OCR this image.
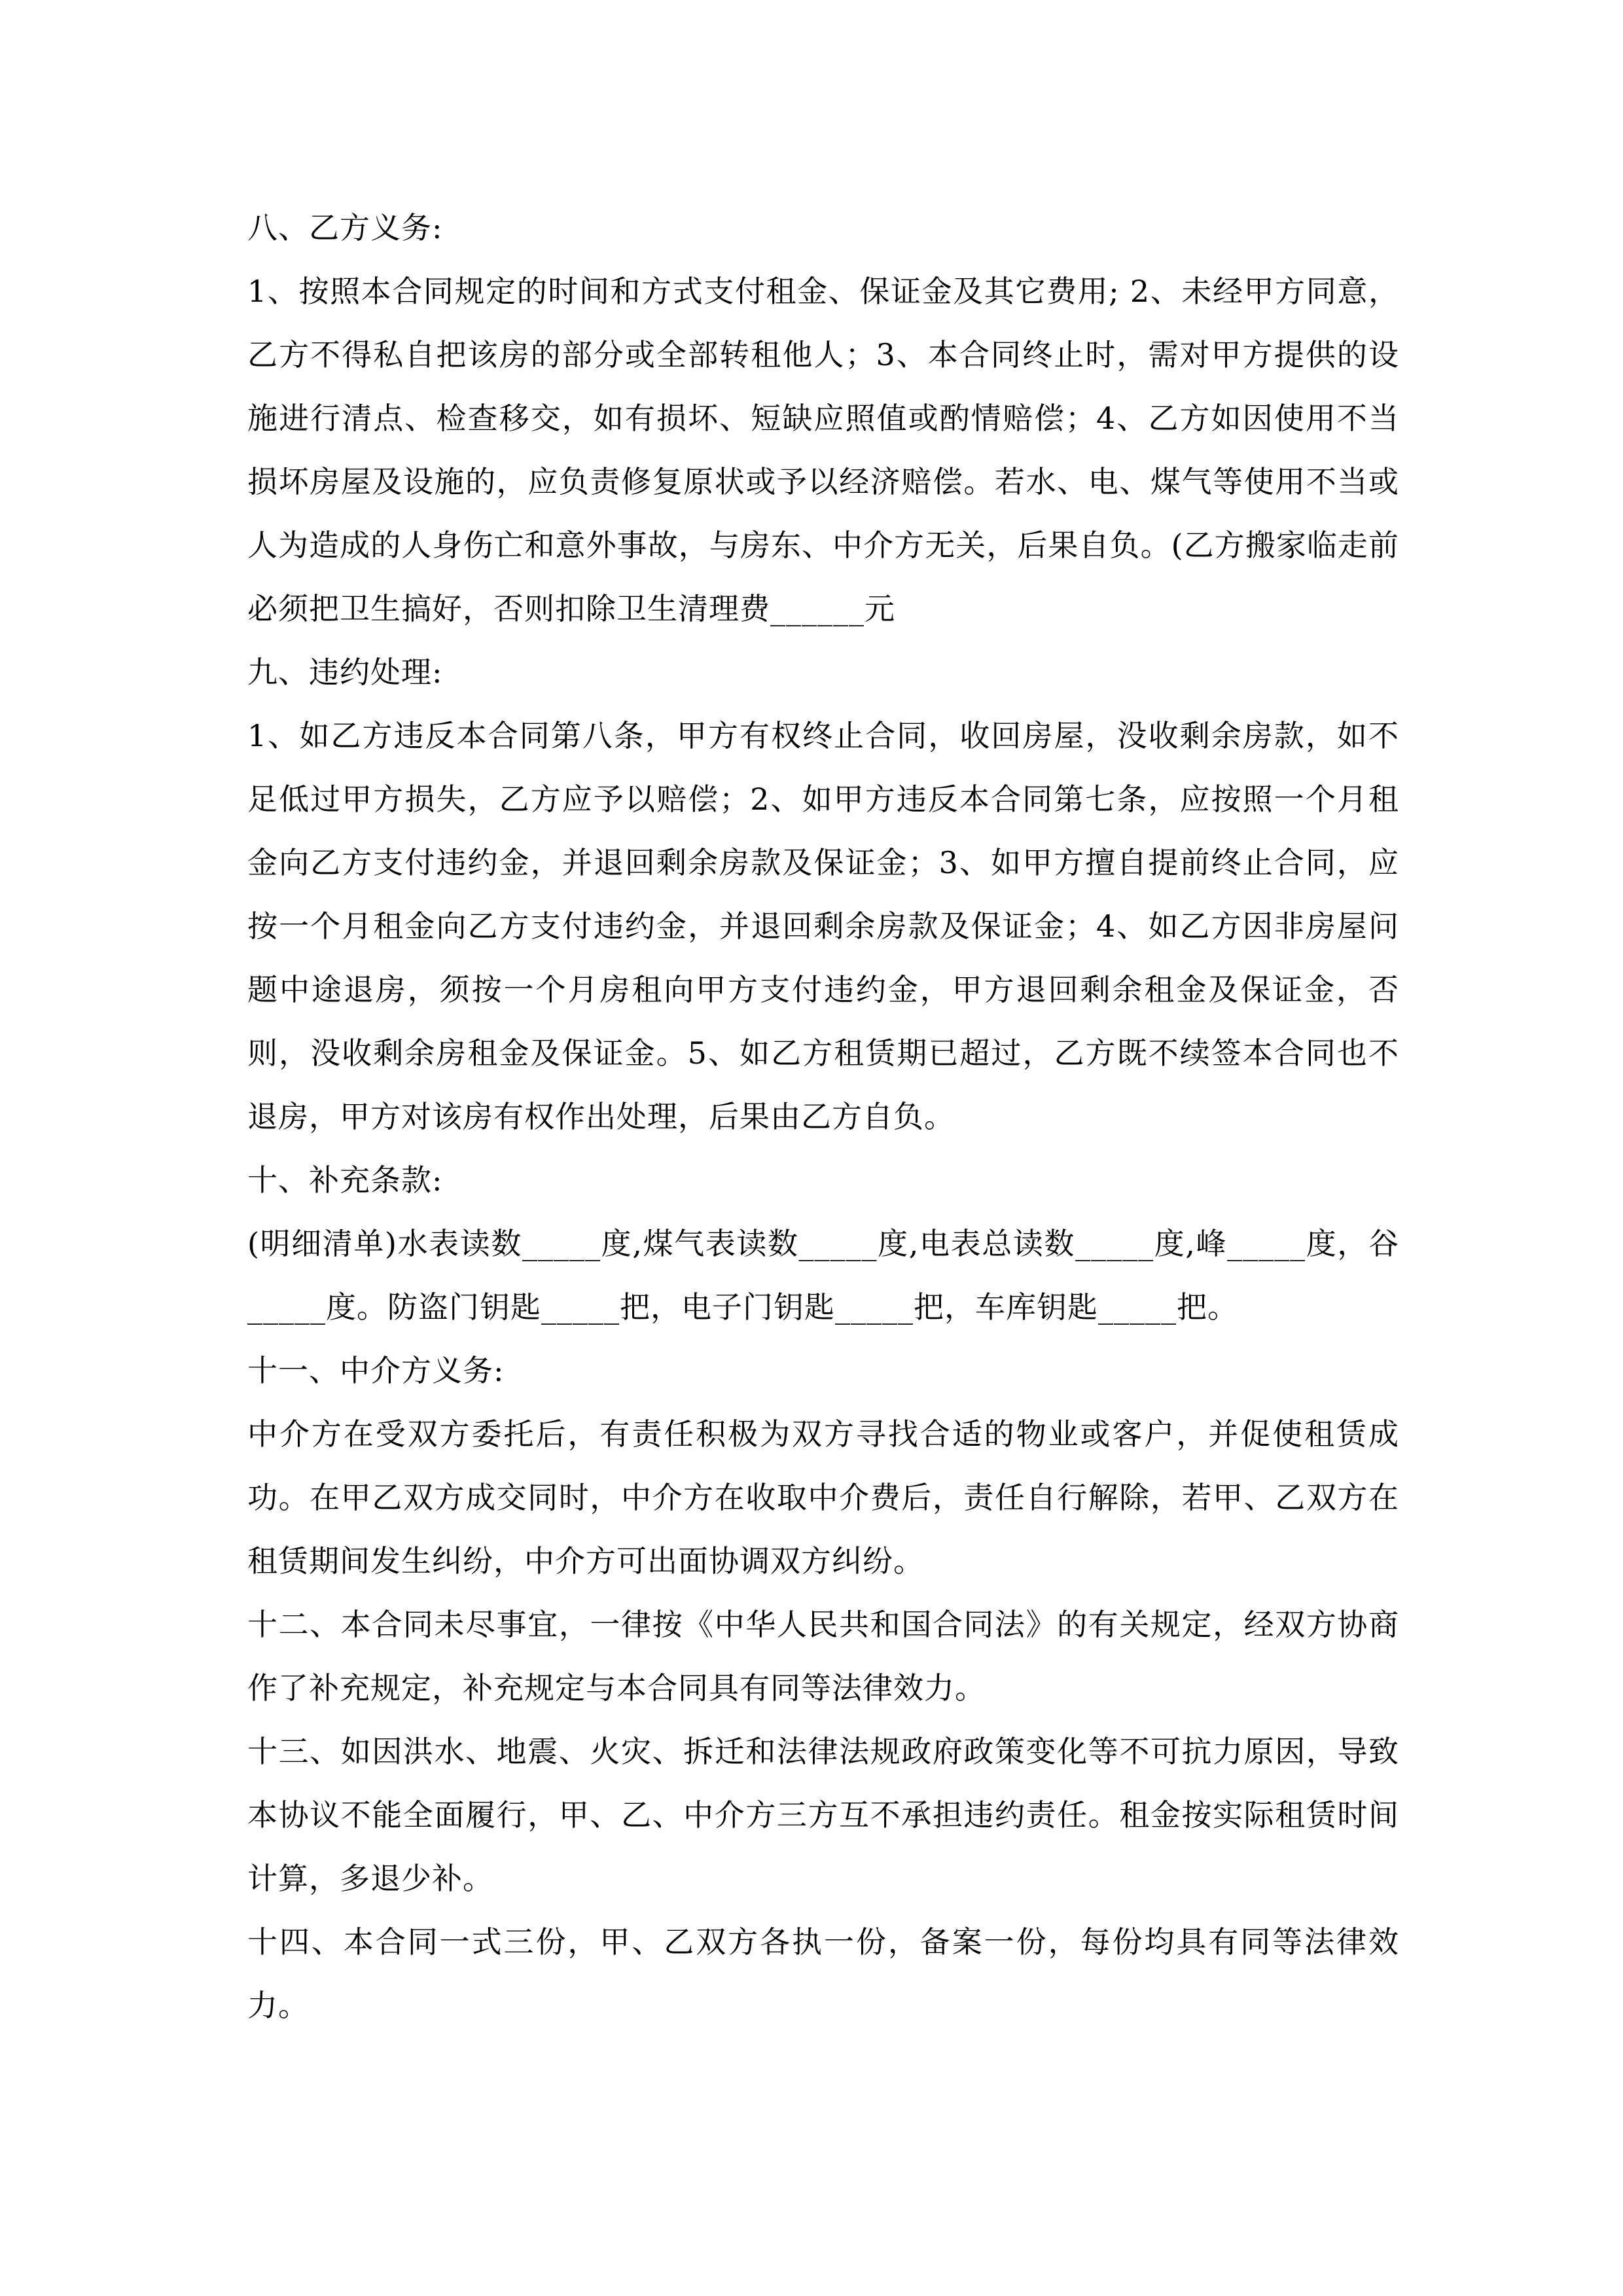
八、乙方义务:

1、按照本合同规定的时间和方式支付租金、保证金及其它费用; 2、未经甲方同意，乙方不得私自把该房的部分或全部转租他人；3、本合同终止时，需对甲方提供的设施进行清点、检查移交，如有损坏、短缺应照值或酌情赔偿；4、乙方如因使用不当损坏房屋及设施的，应负责修复原状或予以经济赔偿。若水、电、煤气等使用不当或人为造成的人身伤亡和意外事故，与房东、中介方无关，后果自负。(乙方搬家临走前必须把卫生搞好，否则扣除卫生清理费______元

九、违约处理:

1、如乙方违反本合同第八条，甲方有权终止合同，收回房屋，没收剩余房款，如不足低过甲方损失，乙方应予以赔偿；2、如甲方违反本合同第七条，应按照一个月租金向乙方支付违约金，并退回剩余房款及保证金；3、如甲方擅自提前终止合同，应按一个月租金向乙方支付违约金，并退回剩余房款及保证金；4、如乙方因非房屋问题中途退房，须按一个月房租向甲方支付违约金，甲方退回剩余租金及保证金，否则，没收剩余房租金及保证金。5、如乙方租赁期已超过，乙方既不续签本合同也不退房，甲方对该房有权作出处理，后果由乙方自负。

十、补充条款:

(明细清单)水表读数_____度,煤气表读数_____度,电表总读数_____度,峰_____度，谷_____度。防盗门钥匙_____把，电子门钥匙_____把，车库钥匙_____把。

十一、中介方义务:

中介方在受双方委托后，有责任积极为双方寻找合适的物业或客户，并促使租赁成功。在甲乙双方成交同时，中介方在收取中介费后，责任自行解除，若甲、乙双方在租赁期间发生纠纷，中介方可出面协调双方纠纷。

十二、本合同未尽事宜，一律按《中华人民共和国合同法》的有关规定，经双方协商作了补充规定，补充规定与本合同具有同等法律效力。

十三、如因洪水、地震、火灾、拆迁和法律法规政府政策变化等不可抗力原因，导致本协议不能全面履行，甲、乙、中介方三方互不承担违约责任。租金按实际租赁时间计算，多退少补。

十四、本合同一式三份，甲、乙双方各执一份，备案一份，每份均具有同等法律效力。
